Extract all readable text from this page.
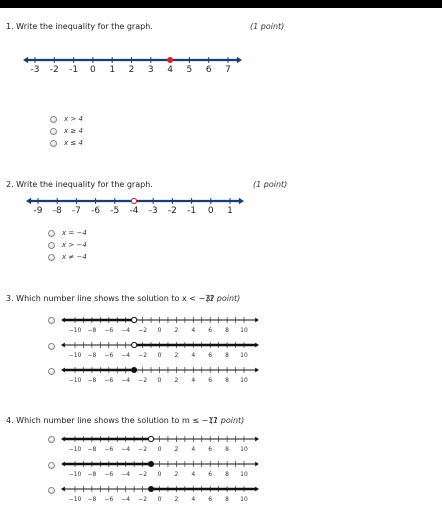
1. Write the inequality for the graph.	(1 point)
-3 -2 -1 0 1 2 3 4 5 6 7
x > 4
x ≥ 4
x ≤ 4
2. Write the inequality for the graph.	(1 point)
-9 -8 -7 -6 -5 -4 -3 -2 -1 0 1
x = −4
x > −4
x ≠ −4
3. Which number line shows the solution to x < −3?
(1 point)
−10 −8 −6 −4 −2 0 2 4 6 8 10
−10 −8 −6 −4 −2 0 2 4 6 8 10
−10 −8 −6 −4 −2 0 2 4 6 8 10
4. Which number line shows the solution to m ≤ −1?
(1 point)
−10 −8 −6 −4 −2 0 2 4 6 8 10
−10 −8 −6 −4 −2 0 2 4 6 8 10
−10 −8 −6 −4 −2 0 2 4 6 8 10
